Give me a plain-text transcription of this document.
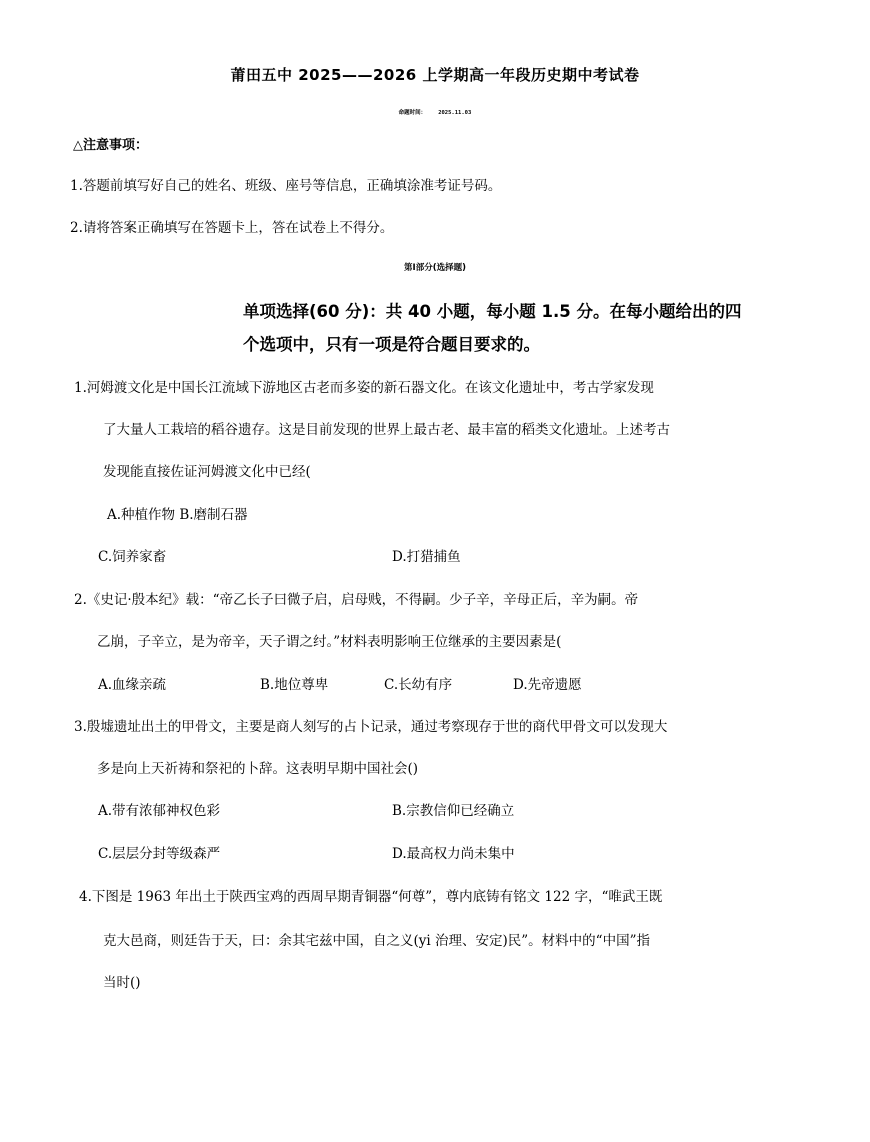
莆田五中 2025——2026 上学期高一年段历史期中考试卷
命题时间： 2025.11.03
△注意事项：
1.答题前填写好自己的姓名、班级、座号等信息，正确填涂准考证号码。
2.请将答案正确填写在答题卡上，答在试卷上不得分。
第Ⅰ部分(选择题)
单项选择(60 分)：共 40 小题，每小题 1.5 分。在每小题给出的四
个选项中，只有一项是符合题目要求的。
1.河姆渡文化是中国长江流域下游地区古老而多姿的新石器文化。在该文化遗址中，考古学家发现
了大量人工栽培的稻谷遗存。这是目前发现的世界上最古老、最丰富的稻类文化遗址。上述考古
发现能直接佐证河姆渡文化中已经(
A.种植作物 B.磨制石器
C.饲养家畜	D.打猎捕鱼
2.《史记·殷本纪》载：“帝乙长子曰微子启，启母贱，不得嗣。少子辛，辛母正后，辛为嗣。帝
乙崩，子辛立，是为帝辛，天子谓之纣。”材料表明影响王位继承的主要因素是(
A.血缘亲疏	B.地位尊卑	C.长幼有序	D.先帝遗愿
3.殷墟遗址出土的甲骨文，主要是商人刻写的占卜记录，通过考察现存于世的商代甲骨文可以发现大
多是向上天祈祷和祭祀的卜辞。这表明早期中国社会()
A.带有浓郁神权色彩	B.宗教信仰已经确立
C.层层分封等级森严	D.最高权力尚未集中
4.下图是 1963 年出土于陕西宝鸡的西周早期青铜器“何尊”，尊内底铸有铭文 122 字，“唯武王既
克大邑商，则廷告于天，曰：余其宅兹中国，自之义(yi 治理、安定)民”。材料中的“中国”指
当时()
